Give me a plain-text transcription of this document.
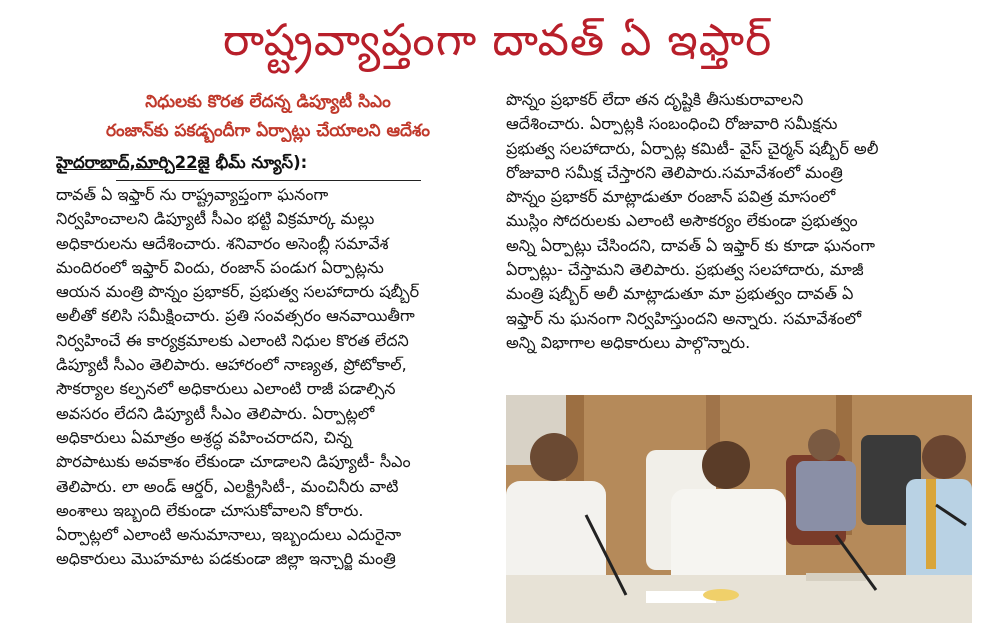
రాష్ట్రవ్యాప్తంగా దావత్ ఏ ఇఫ్తార్
నిధులకు కొరత లేదన్న డిప్యూటీ సిఎం
రంజాన్‌కు పకడ్బందీగా ఏర్పాట్లు చేయాలని ఆదేశం
హైదరాబాద్,మార్చి22జై భీమ్ న్యూస్):
దావత్ ఏ ఇఫ్తార్ ను రాష్ట్రవ్యాప్తంగా ఘనంగా
నిర్వహించాలని డిప్యూటీ సీఎం భట్టి విక్రమార్క మల్లు
అధికారులను ఆదేశించారు. శనివారం అసెంబ్లీ సమావేశ
మందిరంలో ఇఫ్తార్ విందు, రంజాన్ పండుగ ఏర్పాట్లను
ఆయన మంత్రి పొన్నం ప్రభాకర్, ప్రభుత్వ సలహాదారు షబ్బీర్
అలీతో కలిసి సమీక్షించారు. ప్రతి సంవత్సరం ఆనవాయితీగా
నిర్వహించే ఈ కార్యక్రమాలకు ఎలాంటి నిధుల కొరత లేదని
డిప్యూటీ సీఎం తెలిపారు. ఆహారంలో నాణ్యత, ప్రోటోకాల్,
సౌకర్యాల కల్పనలో అధికారులు ఎలాంటి రాజీ పడాల్సిన
అవసరం లేదని డిప్యూటీ సీఎం తెలిపారు. ఏర్పాట్లలో
అధికారులు ఏమాత్రం అశ్రద్ధ వహించరాదని, చిన్న
పొరపాటుకు అవకాశం లేకుండా చూడాలని డిప్యూటీ- సీఎం
తెలిపారు. లా అండ్ ఆర్డర్, ఎలక్ట్రిసిటీ-, మంచినీరు వాటి
అంశాలు ఇబ్బంది లేకుండా చూసుకోవాలని కోరారు.
ఏర్పాట్లలో ఎలాంటి అనుమానాలు, ఇబ్బందులు ఎదురైనా
అధికారులు మొహమాట పడకుండా జిల్లా ఇన్చార్జి మంత్రి
పొన్నం ప్రభాకర్ లేదా తన దృష్టికి తీసుకురావాలని
ఆదేశించారు. ఏర్పాట్లకి సంబంధించి రోజువారి సమీక్షను
ప్రభుత్వ సలహాదారు, ఏర్పాట్ల కమిటీ- వైస్ చైర్మన్ షబ్బీర్ అలీ
రోజువారి సమీక్ష చేస్తారని తెలిపారు.సమావేశంలో మంత్రి
పొన్నం ప్రభాకర్ మాట్లాడుతూ రంజాన్ పవిత్ర మాసంలో
ముస్లిం సోదరులకు ఎలాంటి అసౌకర్యం లేకుండా ప్రభుత్వం
అన్ని ఏర్పాట్లు చేసిందని, దావత్ ఏ ఇఫ్తార్ కు కూడా ఘనంగా
ఏర్పాట్లు- చేస్తామని తెలిపారు. ప్రభుత్వ సలహాదారు, మాజీ
మంత్రి షబ్బీర్ అలీ మాట్లాడుతూ మా ప్రభుత్వం దావత్ ఏ
ఇఫ్తార్ ను ఘనంగా నిర్వహిస్తుందని అన్నారు. సమావేశంలో
అన్ని విభాగాల అధికారులు పాల్గొన్నారు.
